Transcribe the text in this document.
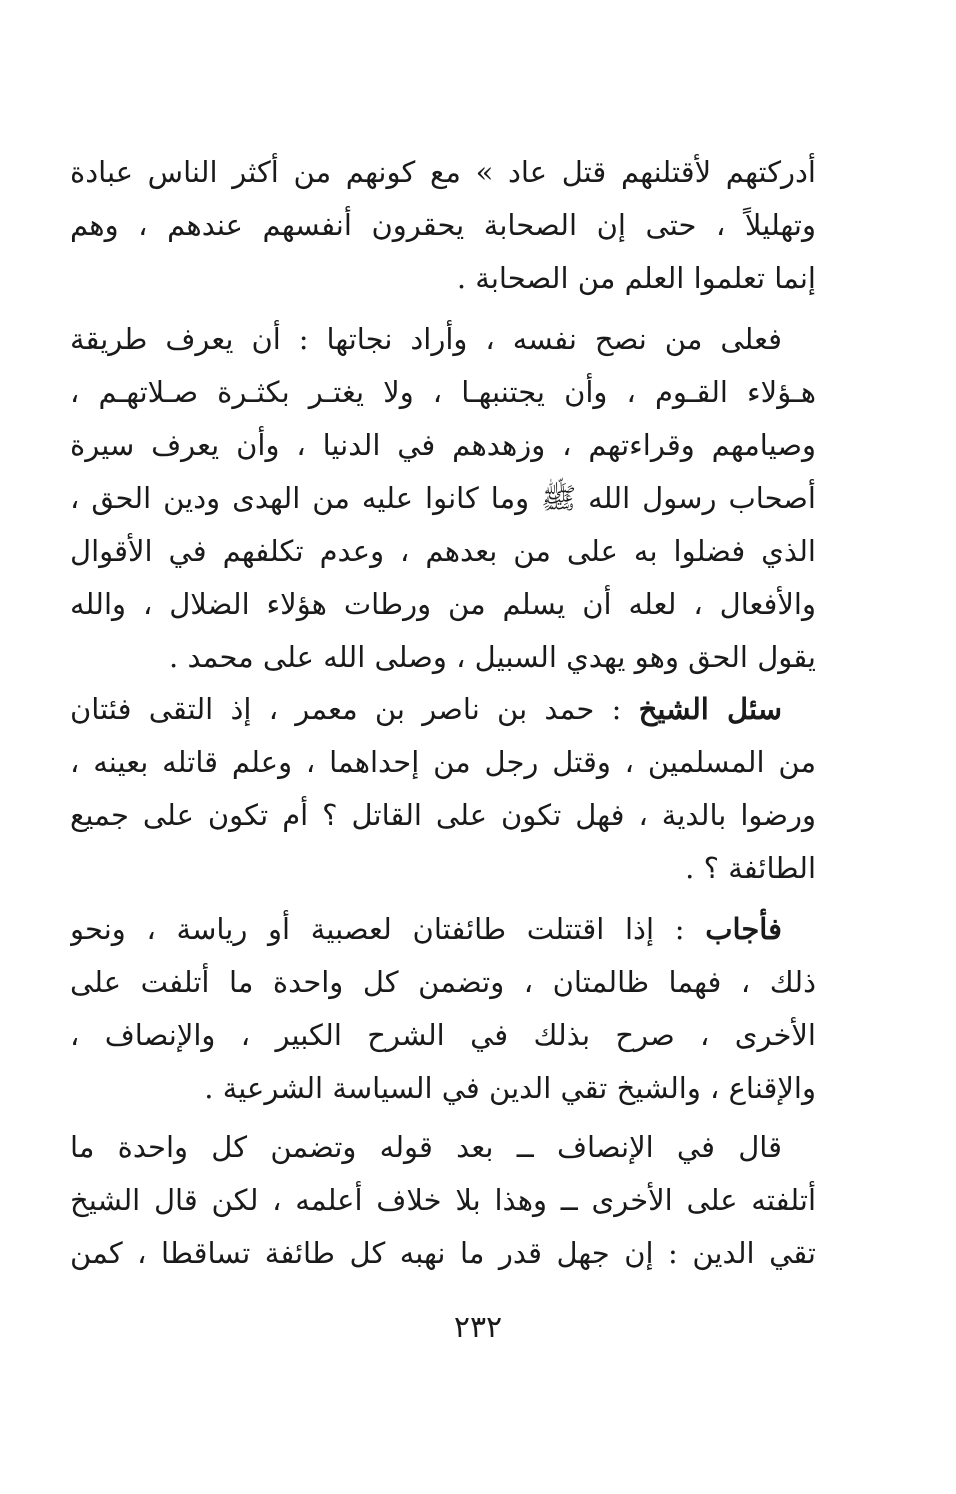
أدركتهم لأقتلنهم قتل عاد » مع كونهم من أكثر الناس عبادة
وتهليلاً ، حتى إن الصحابة يحقرون أنفسهم عندهم ، وهم
إنما تعلموا العلم من الصحابة .
فعلى من نصح نفسه ، وأراد نجاتها : أن يعرف طريقة
هـؤلاء القـوم ، وأن يجتنبهـا ، ولا يغتـر بكثـرة صـلاتهـم ،
وصيامهم وقراءتهم ، وزهدهم في الدنيا ، وأن يعرف سيرة
أصحاب رسول الله ﷺ وما كانوا عليه من الهدى ودين الحق ،
الذي فضلوا به على من بعدهم ، وعدم تكلفهم في الأقوال
والأفعال ، لعله أن يسلم من ورطات هؤلاء الضلال ، والله
يقول الحق وهو يهدي السبيل ، وصلى الله على محمد .
سئل الشيخ : حمد بن ناصر بن معمر ، إذ التقى فئتان
من المسلمين ، وقتل رجل من إحداهما ، وعلم قاتله بعينه ،
ورضوا بالدية ، فهل تكون على القاتل ؟ أم تكون على جميع
الطائفة ؟ .
فأجاب : إذا اقتتلت طائفتان لعصبية أو رياسة ، ونحو
ذلك ، فهما ظالمتان ، وتضمن كل واحدة ما أتلفت على
الأخرى ، صرح بذلك في الشرح الكبير ، والإنصاف ،
والإقناع ، والشيخ تقي الدين في السياسة الشرعية .
قال في الإنصاف ــ بعد قوله وتضمن كل واحدة ما
أتلفته على الأخرى ــ وهذا بلا خلاف أعلمه ، لكن قال الشيخ
تقي الدين : إن جهل قدر ما نهبه كل طائفة تساقطا ، كمن
٢٣٢
